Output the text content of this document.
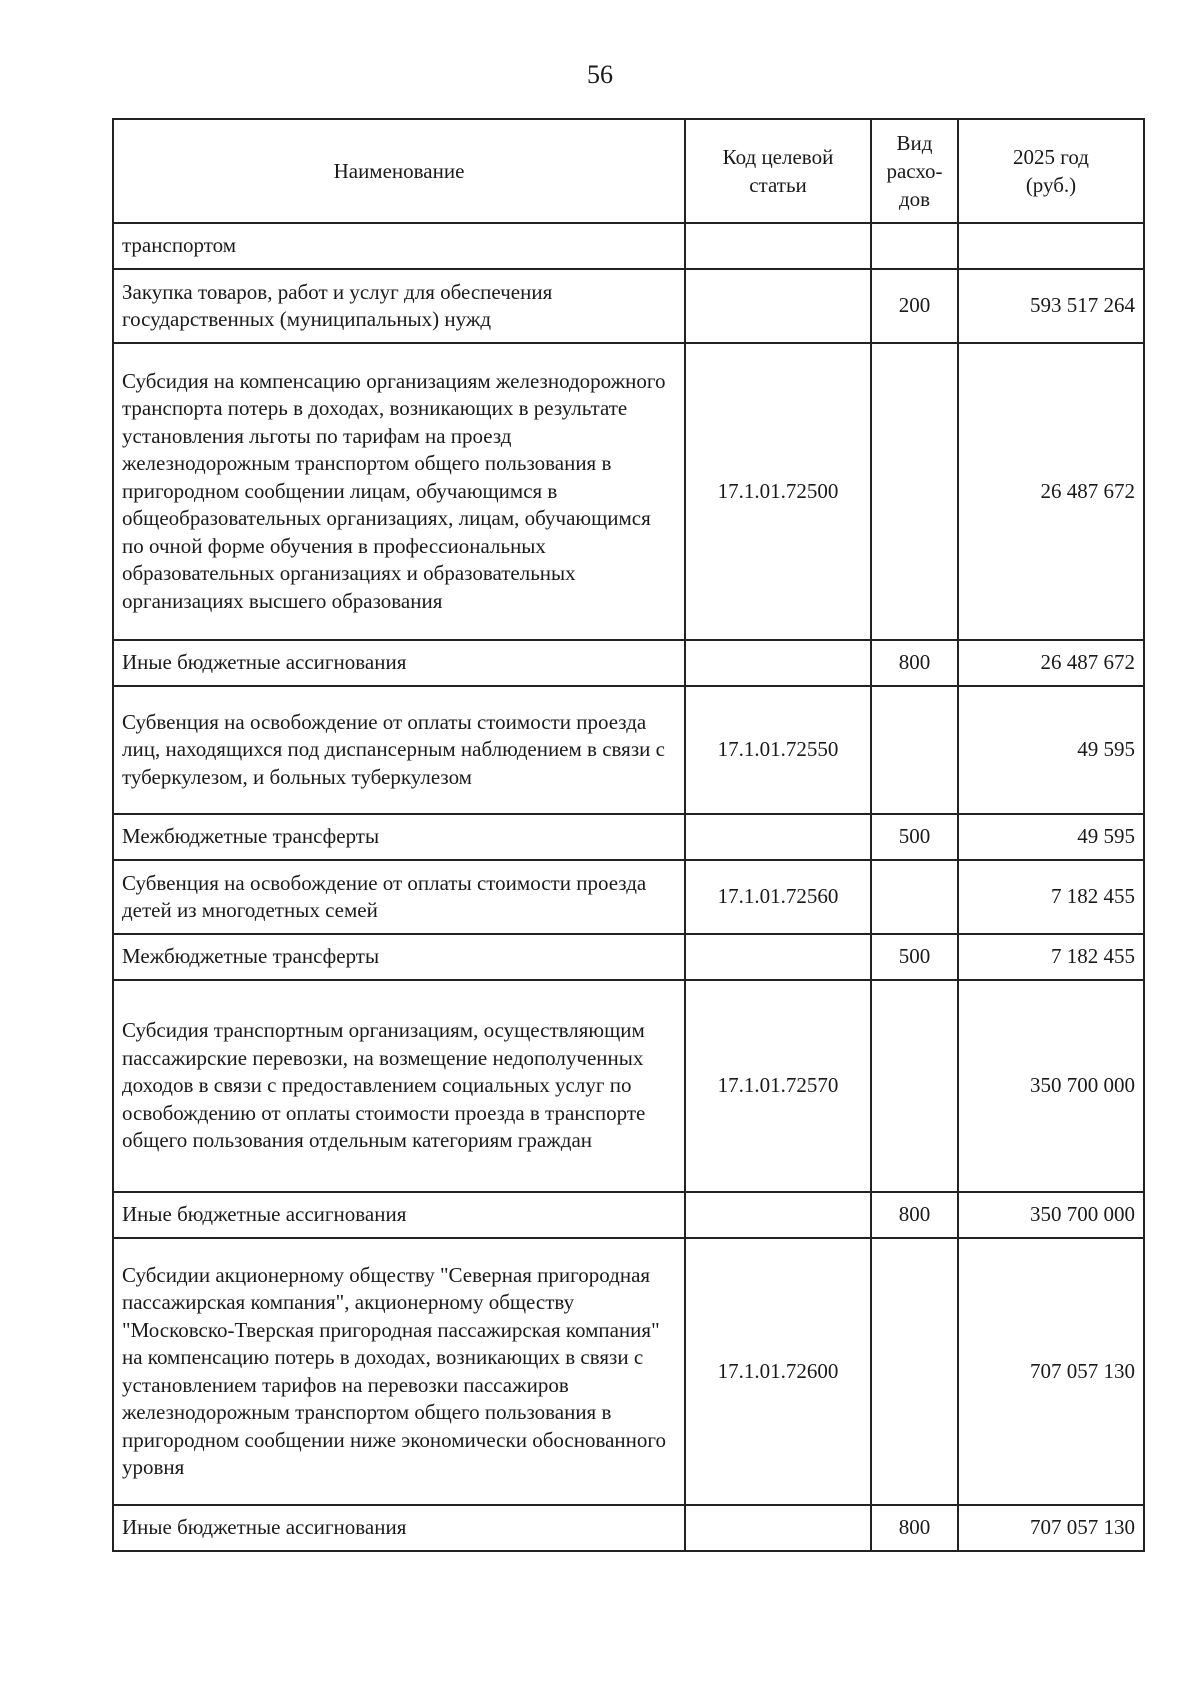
56
Наименование	Код целевой статьи	Вид расхо-дов	2025 год (руб.)
транспортом			
Закупка товаров, работ и услуг для обеспечения государственных (муниципальных) нужд		200	593 517 264
Субсидия на компенсацию организациям железнодорожного транспорта потерь в доходах, возникающих в результате установления льготы по тарифам на проезд железнодорожным транспортом общего пользования в пригородном сообщении лицам, обучающимся в общеобразовательных организациях, лицам, обучающимся по очной форме обучения в профессиональных образовательных организациях и образовательных организациях высшего образования	17.1.01.72500		26 487 672
Иные бюджетные ассигнования		800	26 487 672
Субвенция на освобождение от оплаты стоимости проезда лиц, находящихся под диспансерным наблюдением в связи с туберкулезом, и больных туберкулезом	17.1.01.72550		49 595
Межбюджетные трансферты		500	49 595
Субвенция на освобождение от оплаты стоимости проезда детей из многодетных семей	17.1.01.72560		7 182 455
Межбюджетные трансферты		500	7 182 455
Субсидия транспортным организациям, осуществляющим пассажирские перевозки, на возмещение недополученных доходов в связи с предоставлением социальных услуг по освобождению от оплаты стоимости проезда в транспорте общего пользования отдельным категориям граждан	17.1.01.72570		350 700 000
Иные бюджетные ассигнования		800	350 700 000
Субсидии акционерному обществу "Северная пригородная пассажирская компания", акционерному обществу "Московско-Тверская пригородная пассажирская компания" на компенсацию потерь в доходах, возникающих в связи с установлением тарифов на перевозки пассажиров железнодорожным транспортом общего пользования в пригородном сообщении ниже экономически обоснованного уровня	17.1.01.72600		707 057 130
Иные бюджетные ассигнования		800	707 057 130
